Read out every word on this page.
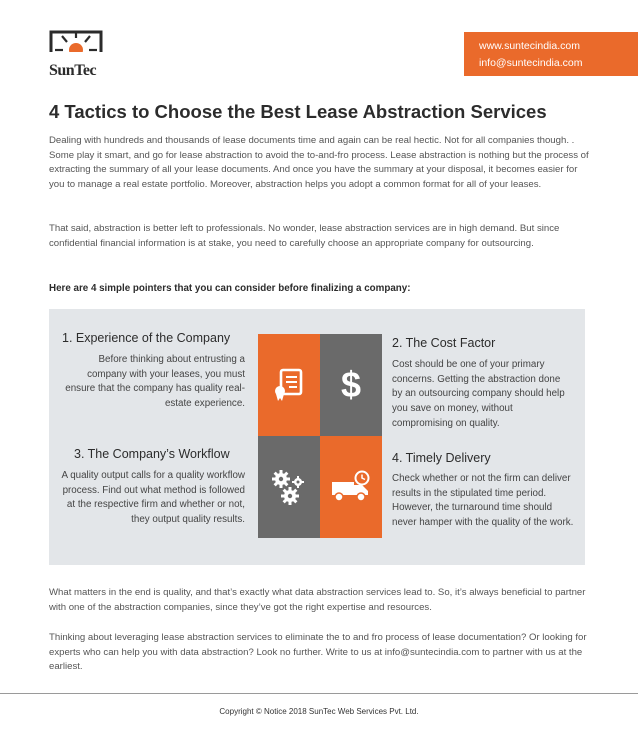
SunTec
www.suntecindia.com
info@suntecindia.com
4 Tactics to Choose the Best Lease Abstraction Services

Dealing with hundreds and thousands of lease documents time and again can be real hectic. Not for all companies though. . Some play it smart, and go for lease abstraction to avoid the to-and-fro process. Lease abstraction is nothing but the process of extracting the summary of all your lease documents. And once you have the summary at your disposal, it becomes easier for you to manage a real estate portfolio. Moreover, abstraction helps you adopt a common format for all of your leases.

That said, abstraction is better left to professionals. No wonder, lease abstraction services are in high demand. But since confidential financial information is at stake, you need to carefully choose an appropriate company for outsourcing.

Here are 4 simple pointers that you can consider before finalizing a company:
$
1. Experience of the Company

Before thinking about entrusting a company with your leases, you must ensure that the company has quality real-estate experience.

2. The Cost Factor

Cost should be one of your primary concerns. Getting the abstraction done by an outsourcing company should help you save on money, without compromising on quality.

3. The Company’s Workflow

A quality output calls for a quality workflow process. Find out what method is followed at the respective firm and whether or not, they output quality results.

4. Timely Delivery

Check whether or not the firm can deliver results in the stipulated time period. However, the turnaround time should never hamper with the quality of the work.

What matters in the end is quality, and that’s exactly what data abstraction services lead to. So, it’s always beneficial to partner with one of the abstraction companies, since they’ve got the right expertise and resources.

Thinking about leveraging lease abstraction services to eliminate the to and fro process of lease documentation? Or looking for experts who can help you with data abstraction? Look no further. Write to us at info@suntecindia.com to partner with us at the earliest.

Copyright © Notice 2018 SunTec Web Services Pvt. Ltd.
